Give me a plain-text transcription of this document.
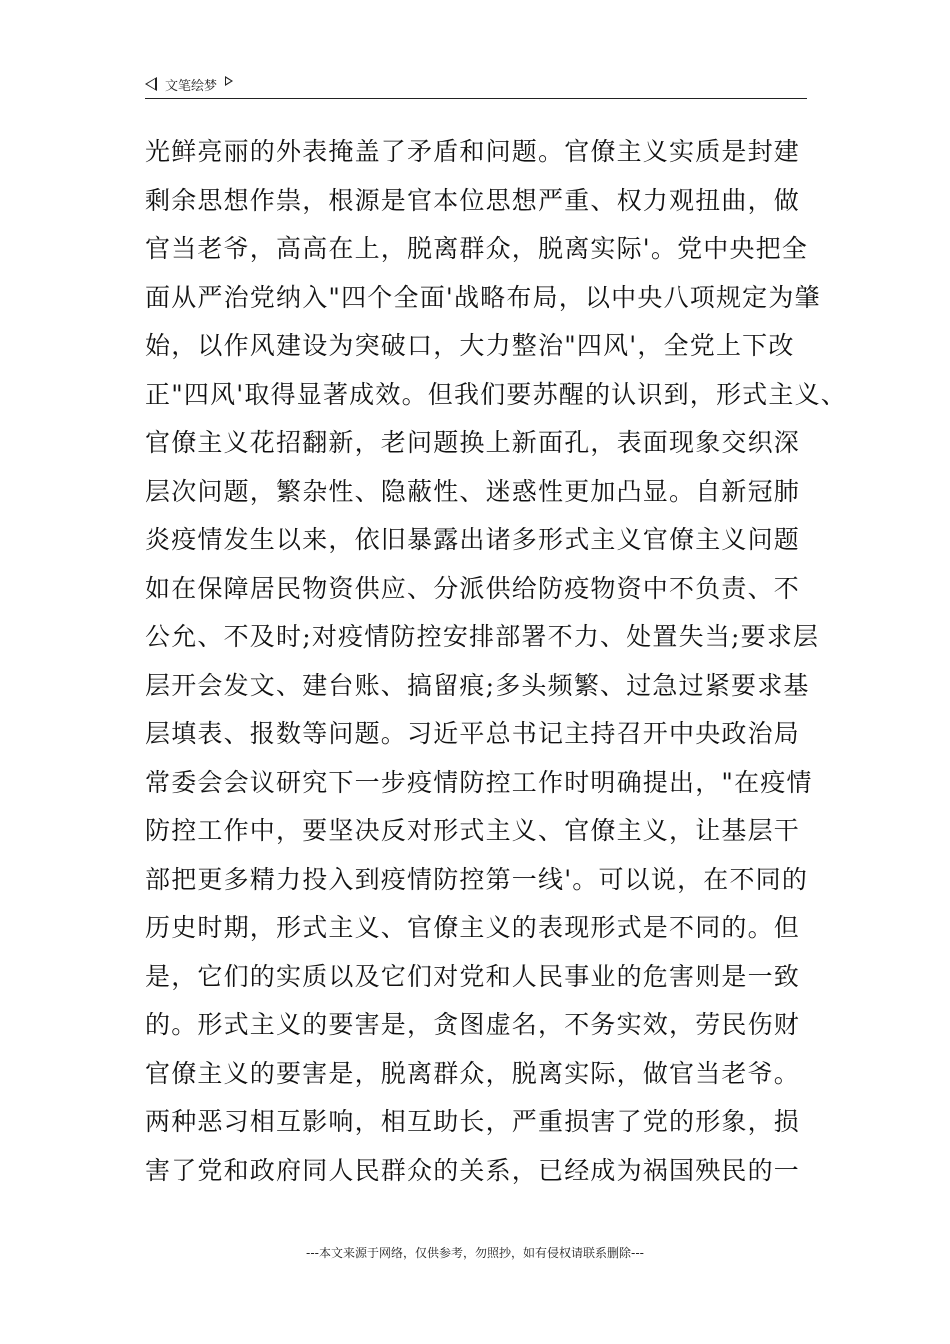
文笔绘梦
光鲜亮丽的外表掩盖了矛盾和问题。官僚主义实质是封建
剩余思想作祟，根源是官本位思想严重、权力观扭曲，做
官当老爷，高高在上，脱离群众，脱离实际'。党中央把全
面从严治党纳入"四个全面'战略布局，以中央八项规定为肇
始，以作风建设为突破口，大力整治"四风'，全党上下改
正"四风'取得显著成效。但我们要苏醒的认识到，形式主义、
官僚主义花招翻新，老问题换上新面孔，表面现象交织深
层次问题，繁杂性、隐蔽性、迷惑性更加凸显。自新冠肺
炎疫情发生以来，依旧暴露出诸多形式主义官僚主义问题
如在保障居民物资供应、分派供给防疫物资中不负责、不
公允、不及时;对疫情防控安排部署不力、处置失当;要求层
层开会发文、建台账、搞留痕;多头频繁、过急过紧要求基
层填表、报数等问题。习近平总书记主持召开中央政治局
常委会会议研究下一步疫情防控工作时明确提出，"在疫情
防控工作中，要坚决反对形式主义、官僚主义，让基层干
部把更多精力投入到疫情防控第一线'。可以说，在不同的
历史时期，形式主义、官僚主义的表现形式是不同的。但
是，它们的实质以及它们对党和人民事业的危害则是一致
的。形式主义的要害是，贪图虚名，不务实效，劳民伤财
官僚主义的要害是，脱离群众，脱离实际，做官当老爷。
两种恶习相互影响，相互助长，严重损害了党的形象，损
害了党和政府同人民群众的关系，已经成为祸国殃民的一
---本文来源于网络，仅供参考，勿照抄，如有侵权请联系删除---
